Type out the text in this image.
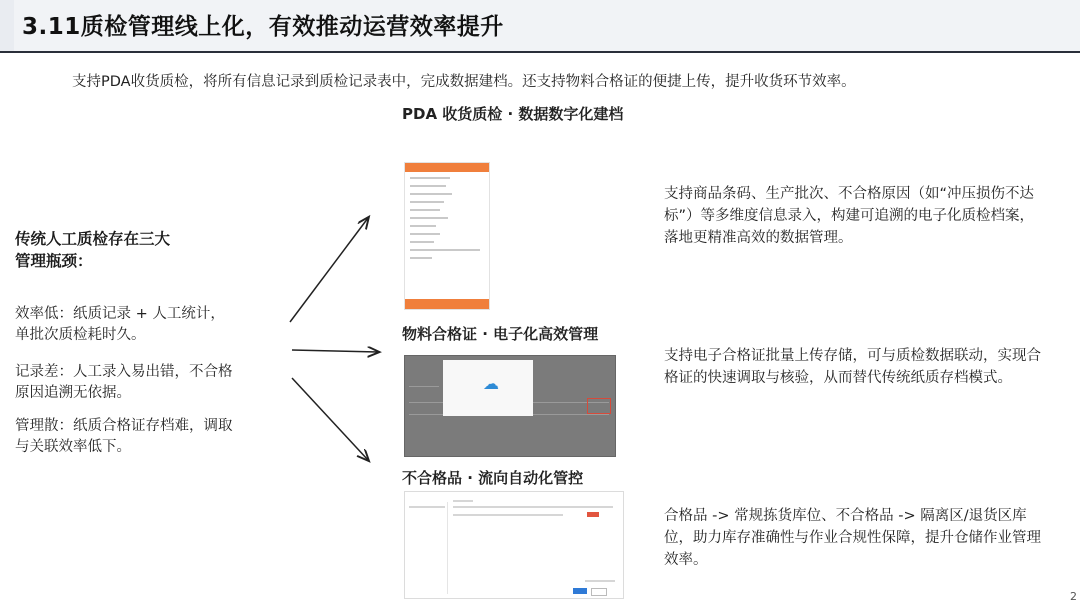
3.11质检管理线上化，有效推动运营效率提升
支持PDA收货质检，将所有信息记录到质检记录表中，完成数据建档。还支持物料合格证的便捷上传，提升收货环节效率。
PDA 收货质检 · 数据数字化建档
物料合格证 · 电子化高效管理
不合格品 · 流向自动化管控
传统人工质检存在三大管理瓶颈：
效率低：纸质记录 + 人工统计，单批次质检耗时久。
记录差：人工录入易出错，不合格原因追溯无依据。
管理散：纸质合格证存档难，调取与关联效率低下。
☁
支持商品条码、生产批次、不合格原因（如“冲压损伤不达标”）等多维度信息录入，构建可追溯的电子化质检档案，落地更精准高效的数据管理。
支持电子合格证批量上传存储，可与质检数据联动，实现合格证的快速调取与核验，从而替代传统纸质存档模式。
合格品 -> 常规拣货库位、不合格品 -> 隔离区/退货区库位，助力库存准确性与作业合规性保障，提升仓储作业管理效率。
2
